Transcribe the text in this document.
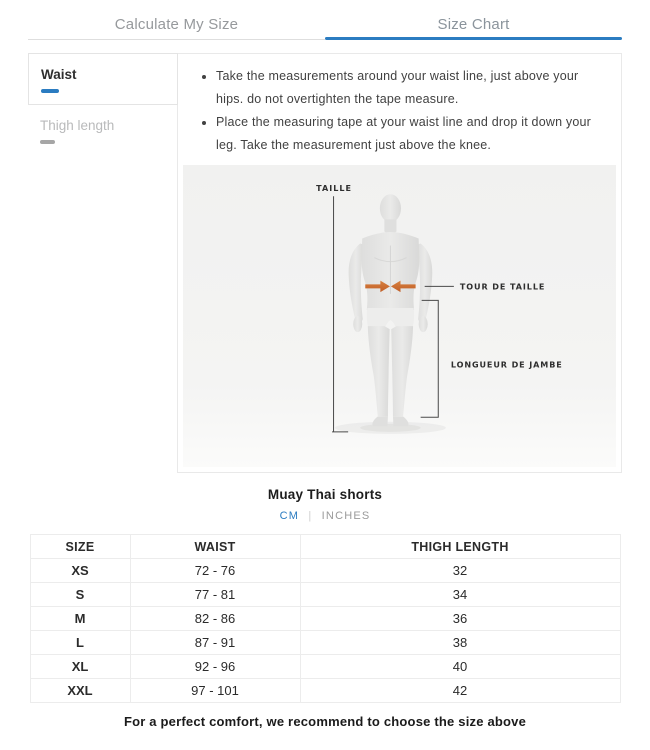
Calculate My Size	Size Chart
Waist
Thigh length
• Take the measurements around your waist line, just above your hips. do not overtighten the tape measure.
• Place the measuring tape at your waist line and drop it down your leg. Take the measurement just above the knee.
TAILLE
TOUR DE TAILLE
LONGUEUR DE JAMBE
Muay Thai shorts
CM | INCHES
SIZE	WAIST	THIGH LENGTH
XS	72 - 76	32
S	77 - 81	34
M	82 - 86	36
L	87 - 91	38
XL	92 - 96	40
XXL	97 - 101	42
For a perfect comfort, we recommend to choose the size above
